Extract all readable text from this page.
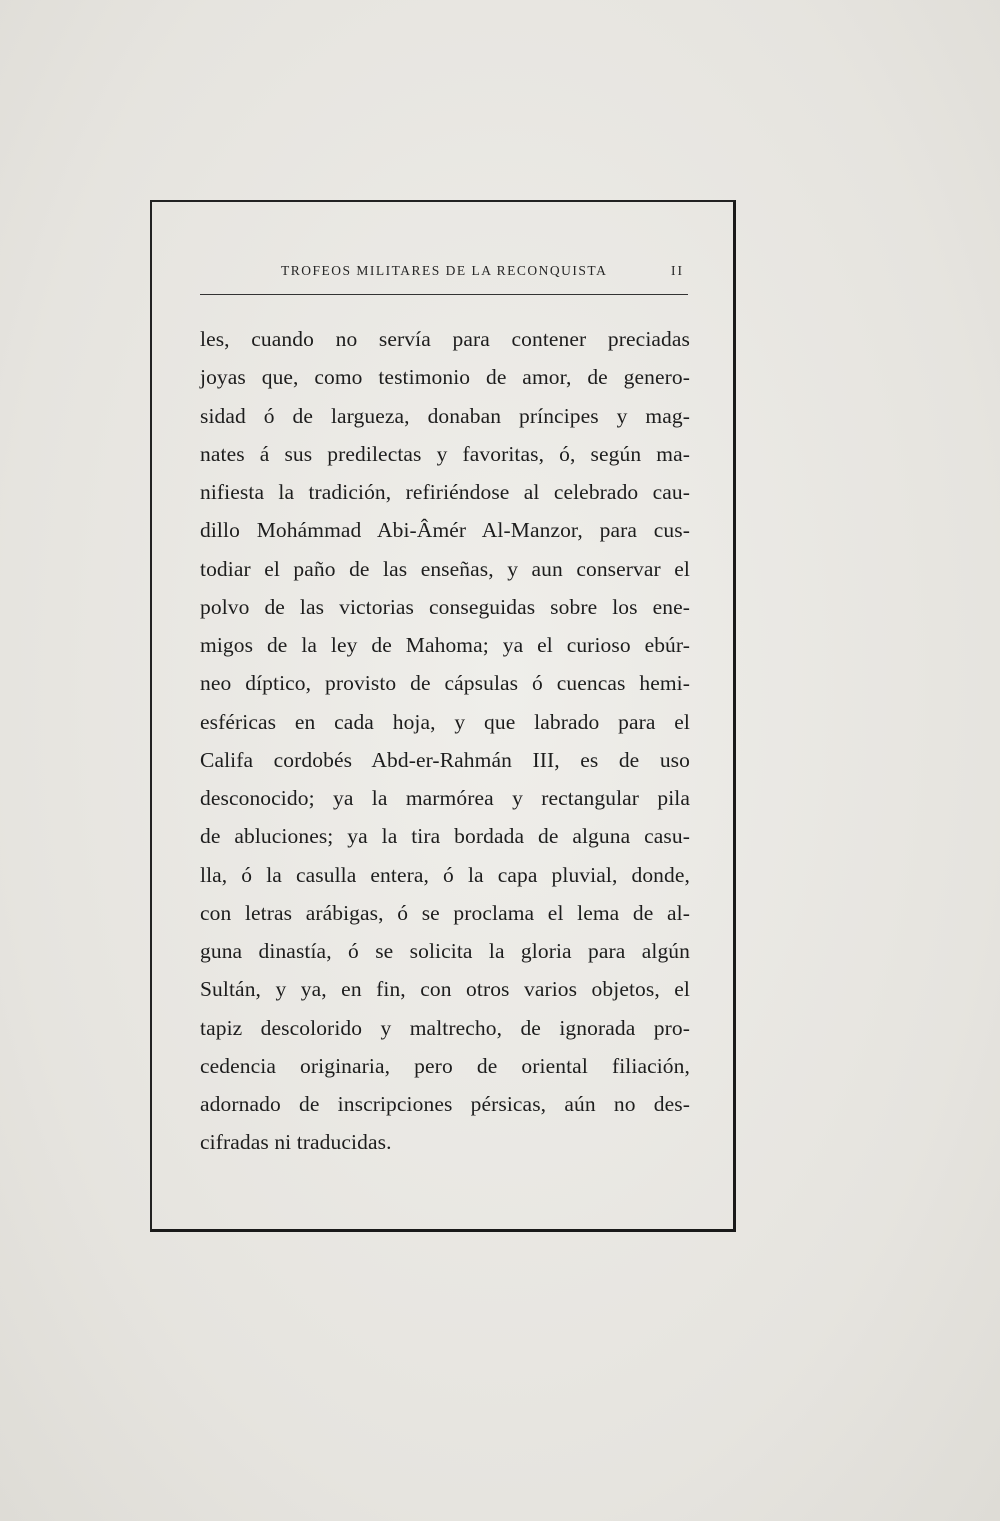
TROFEOS MILITARES DE LA RECONQUISTA	II
les, cuando no servía para contener preciadas
joyas que, como testimonio de amor, de genero-
sidad ó de largueza, donaban príncipes y mag-
nates á sus predilectas y favoritas, ó, según ma-
nifiesta la tradición, refiriéndose al celebrado cau-
dillo Mohámmad Abi-Âmér Al-Manzor, para cus-
todiar el paño de las enseñas, y aun conservar el
polvo de las victorias conseguidas sobre los ene-
migos de la ley de Mahoma; ya el curioso ebúr-
neo díptico, provisto de cápsulas ó cuencas hemi-
esféricas en cada hoja, y que labrado para el
Califa cordobés Abd-er-Rahmán III, es de uso
desconocido; ya la marmórea y rectangular pila
de abluciones; ya la tira bordada de alguna casu-
lla, ó la casulla entera, ó la capa pluvial, donde,
con letras arábigas, ó se proclama el lema de al-
guna dinastía, ó se solicita la gloria para algún
Sultán, y ya, en fin, con otros varios objetos, el
tapiz descolorido y maltrecho, de ignorada pro-
cedencia originaria, pero de oriental filiación,
adornado de inscripciones pérsicas, aún no des-
cifradas ni traducidas.
